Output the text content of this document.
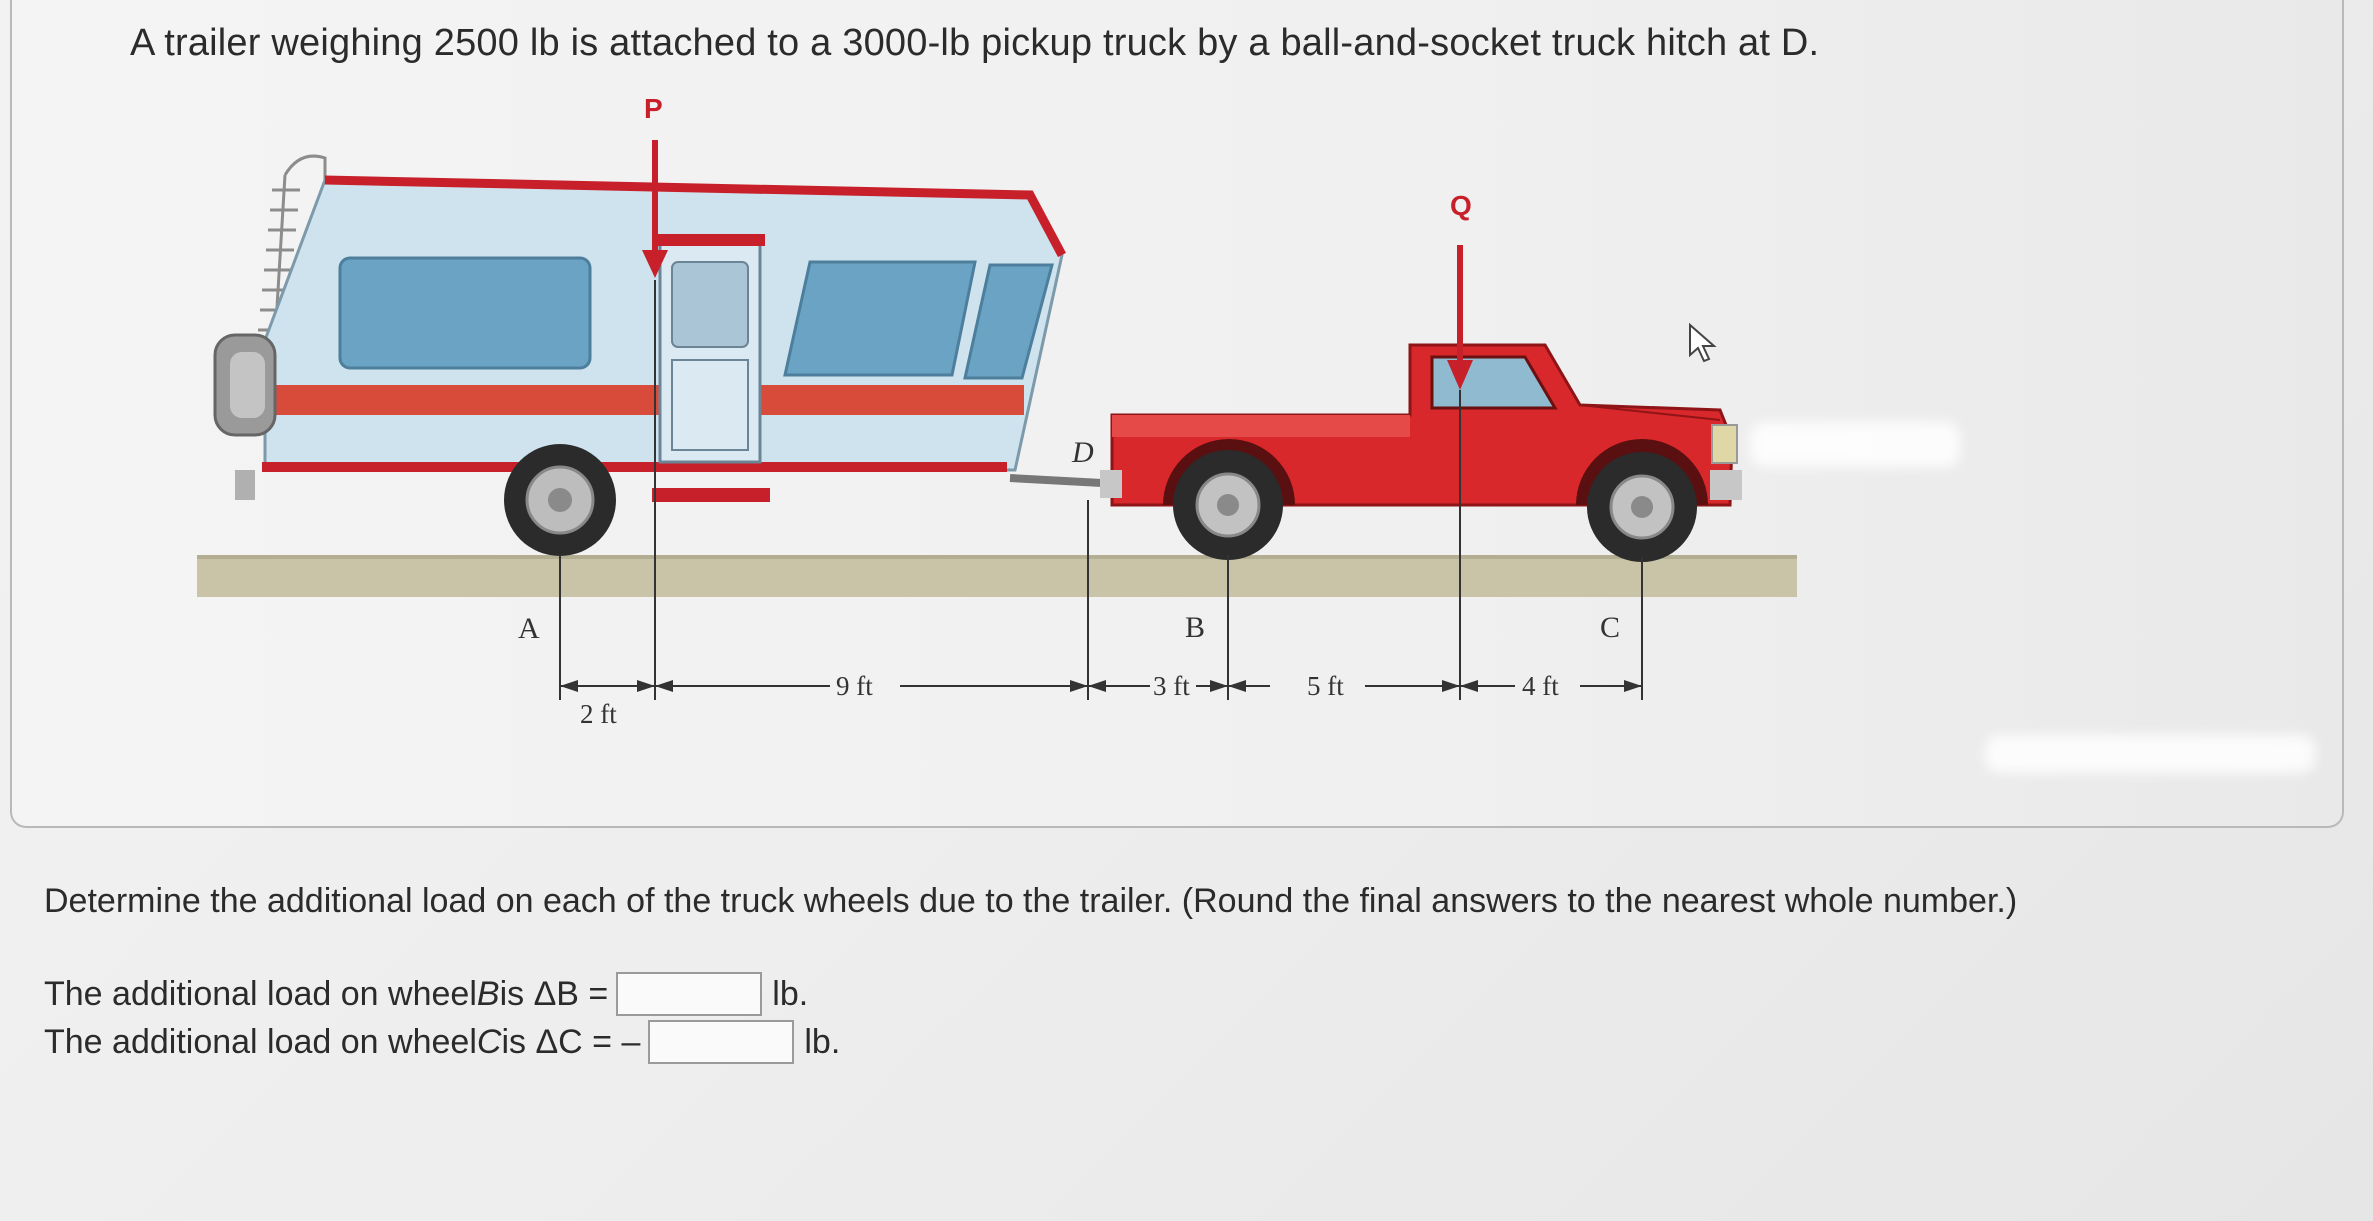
A trailer weighing 2500 lb is attached to a 3000-lb pickup truck by a ball-and-socket truck hitch at D.
P
Q
2 ft
9 ft	3 ft	5 ft	4 ft
A	B	C
D
Determine the additional load on each of the truck wheels due to the trailer. (Round the final answers to the nearest whole number.)
The additional load on wheel B is ΔB =	lb.
The additional load on wheel C is ΔC = –	lb.
